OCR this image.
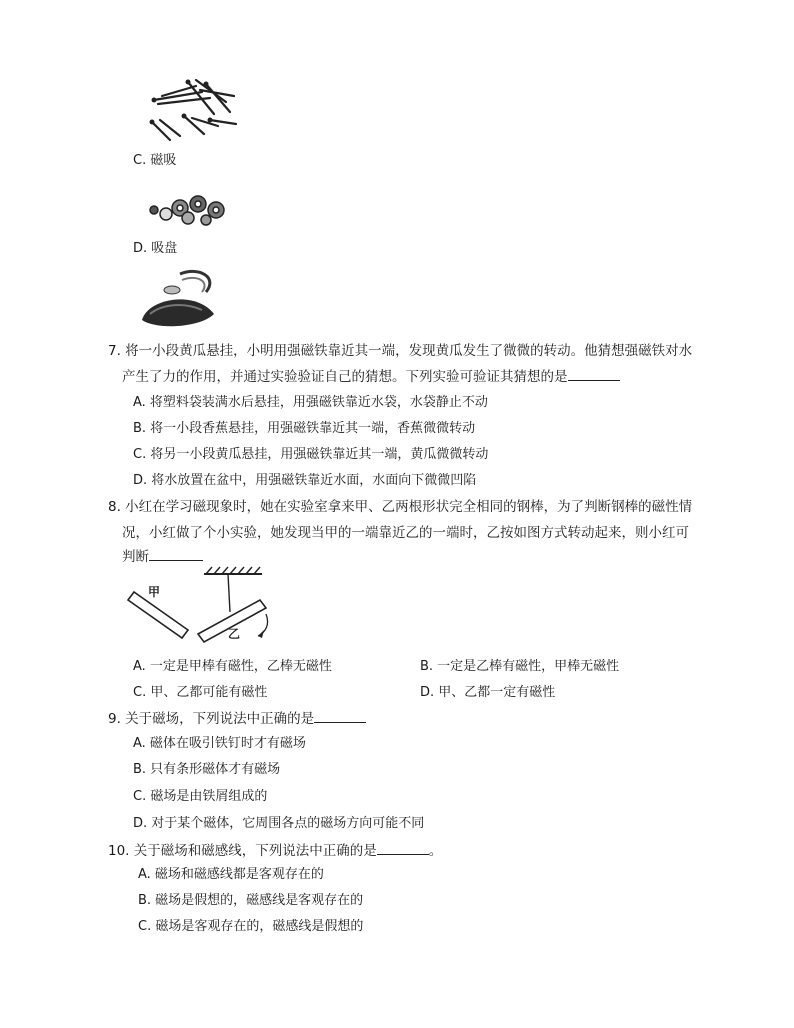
C. 磁吸
D. 吸盘
7. 将一小段黄瓜悬挂，小明用强磁铁靠近其一端，发现黄瓜发生了微微的转动。他猜想强磁铁对水
产生了力的作用，并通过实验验证自己的猜想。下列实验可验证其猜想的是
A. 将塑料袋装满水后悬挂，用强磁铁靠近水袋，水袋静止不动
B. 将一小段香蕉悬挂，用强磁铁靠近其一端，香蕉微微转动
C. 将另一小段黄瓜悬挂，用强磁铁靠近其一端，黄瓜微微转动
D. 将水放置在盆中，用强磁铁靠近水面，水面向下微微凹陷
8. 小红在学习磁现象时，她在实验室拿来甲、乙两根形状完全相同的钢棒，为了判断钢棒的磁性情
况，小红做了个小实验，她发现当甲的一端靠近乙的一端时，乙按如图方式转动起来，则小红可
判断
甲
乙
A. 一定是甲棒有磁性，乙棒无磁性	B. 一定是乙棒有磁性，甲棒无磁性
C. 甲、乙都可能有磁性	D. 甲、乙都一定有磁性
9. 关于磁场，下列说法中正确的是
A. 磁体在吸引铁钉时才有磁场
B. 只有条形磁体才有磁场
C. 磁场是由铁屑组成的
D. 对于某个磁体，它周围各点的磁场方向可能不同
10. 关于磁场和磁感线，下列说法中正确的是	。
A. 磁场和磁感线都是客观存在的
B. 磁场是假想的，磁感线是客观存在的
C. 磁场是客观存在的，磁感线是假想的
